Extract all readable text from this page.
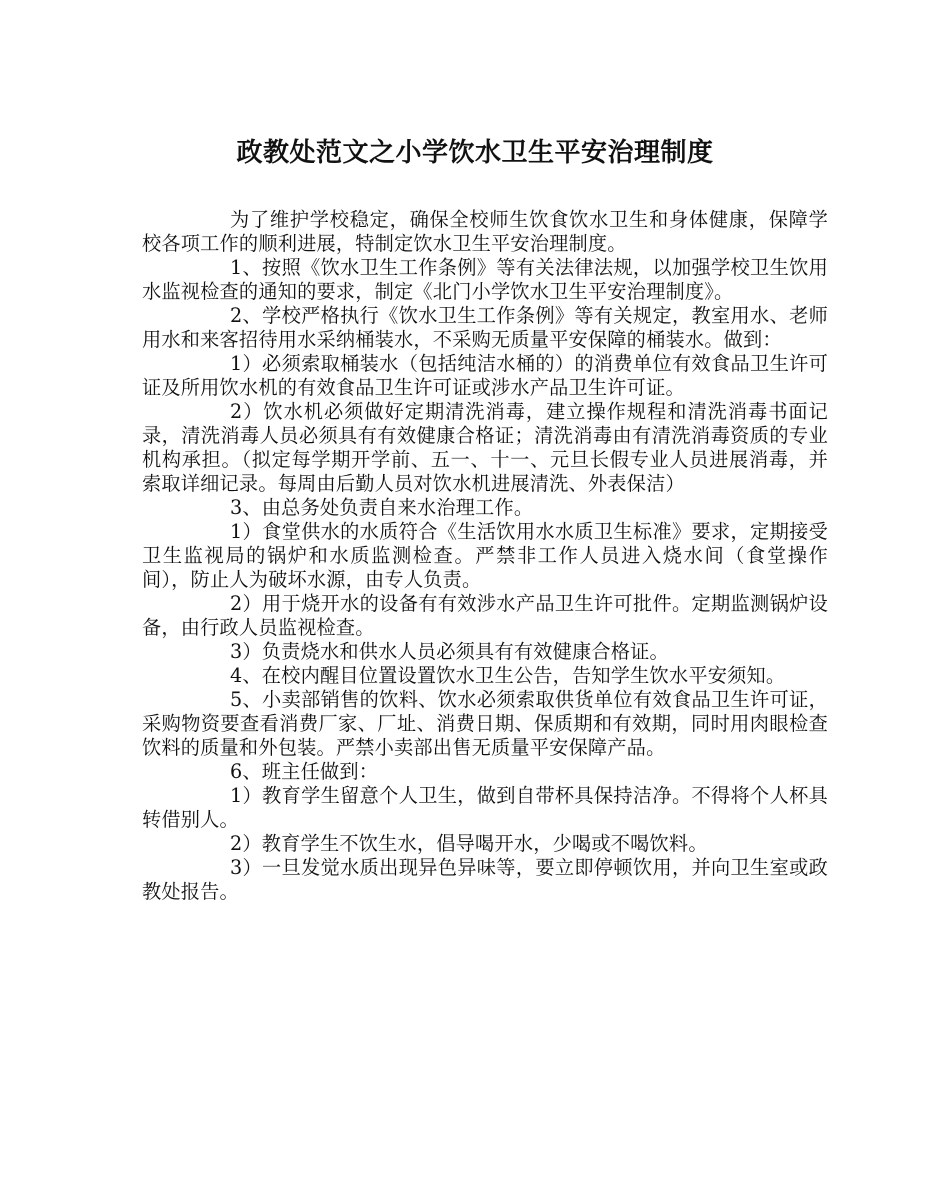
政教处范文之小学饮水卫生平安治理制度

为了维护学校稳定，确保全校师生饮食饮水卫生和身体健康，保障学校各项工作的顺利进展，特制定饮水卫生平安治理制度。

1、按照《饮水卫生工作条例》等有关法律法规，以加强学校卫生饮用水监视检查的通知的要求，制定《北门小学饮水卫生平安治理制度》。

2、学校严格执行《饮水卫生工作条例》等有关规定，教室用水、老师用水和来客招待用水采纳桶装水，不采购无质量平安保障的桶装水。做到：

1）必须索取桶装水（包括纯洁水桶的）的消费单位有效食品卫生许可证及所用饮水机的有效食品卫生许可证或涉水产品卫生许可证。

2）饮水机必须做好定期清洗消毒，建立操作规程和清洗消毒书面记录，清洗消毒人员必须具有有效健康合格证；清洗消毒由有清洗消毒资质的专业机构承担。（拟定每学期开学前、五一、十一、元旦长假专业人员进展消毒，并索取详细记录。每周由后勤人员对饮水机进展清洗、外表保洁）

3、由总务处负责自来水治理工作。

1）食堂供水的水质符合《生活饮用水水质卫生标准》要求，定期接受卫生监视局的锅炉和水质监测检查。严禁非工作人员进入烧水间（食堂操作间），防止人为破坏水源，由专人负责。

2）用于烧开水的设备有有效涉水产品卫生许可批件。定期监测锅炉设备，由行政人员监视检查。

3）负责烧水和供水人员必须具有有效健康合格证。

4、在校内醒目位置设置饮水卫生公告，告知学生饮水平安须知。

5、小卖部销售的饮料、饮水必须索取供货单位有效食品卫生许可证，采购物资要查看消费厂家、厂址、消费日期、保质期和有效期，同时用肉眼检查饮料的质量和外包装。严禁小卖部出售无质量平安保障产品。

6、班主任做到：

1）教育学生留意个人卫生，做到自带杯具保持洁净。不得将个人杯具转借别人。

2）教育学生不饮生水，倡导喝开水，少喝或不喝饮料。

3）一旦发觉水质出现异色异味等，要立即停顿饮用，并向卫生室或政教处报告。
